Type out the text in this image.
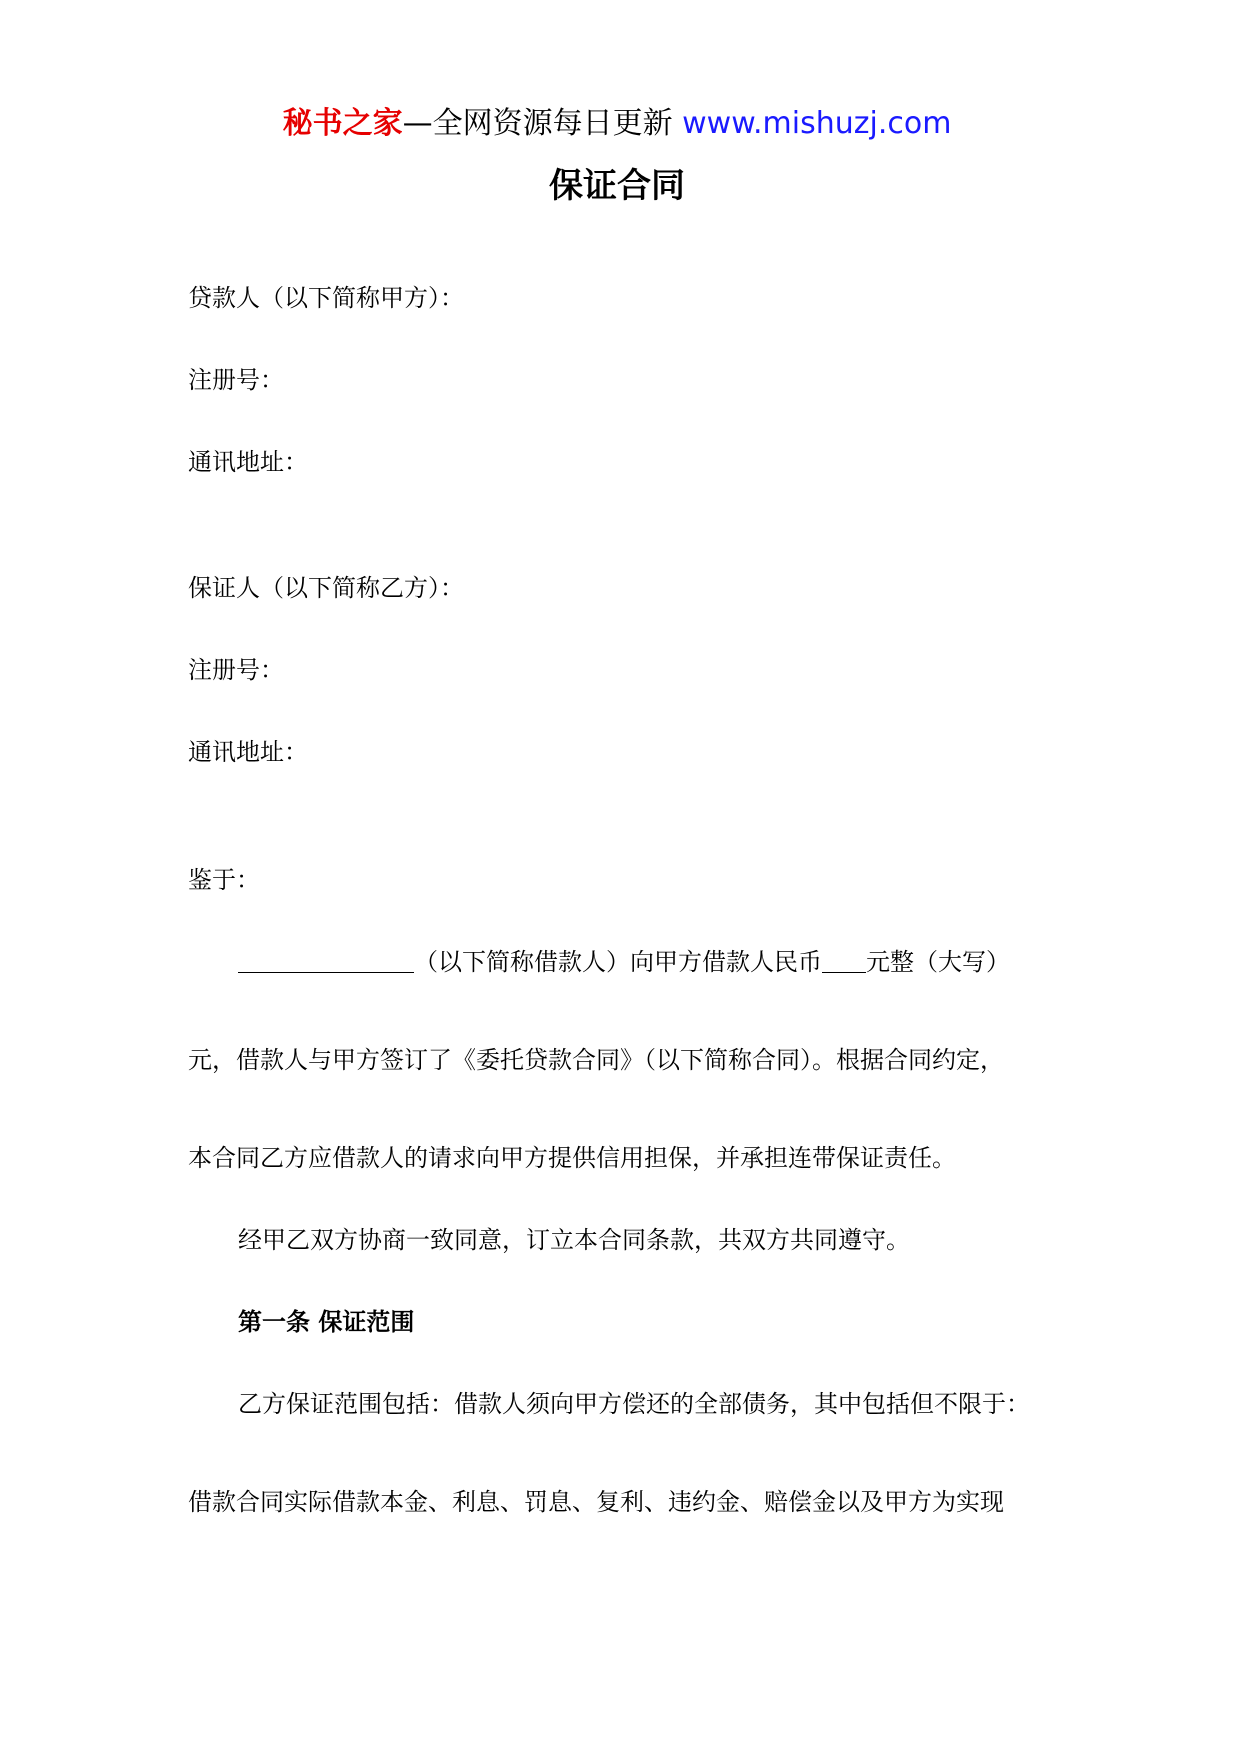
秘书之家—全网资源每日更新 www.mishuzj.com
保证合同
贷款人（以下简称甲方）：
注册号：
通讯地址：
保证人（以下简称乙方）：
注册号：
通讯地址：
鉴于：
（以下简称借款人）向甲方借款人民币 元整（大写）
元，借款人与甲方签订了《委托贷款合同》（以下简称合同）。根据合同约定，
本合同乙方应借款人的请求向甲方提供信用担保，并承担连带保证责任。
经甲乙双方协商一致同意，订立本合同条款，共双方共同遵守。
第一条 保证范围
乙方保证范围包括：借款人须向甲方偿还的全部债务，其中包括但不限于：
借款合同实际借款本金、利息、罚息、复利、违约金、赔偿金以及甲方为实现
